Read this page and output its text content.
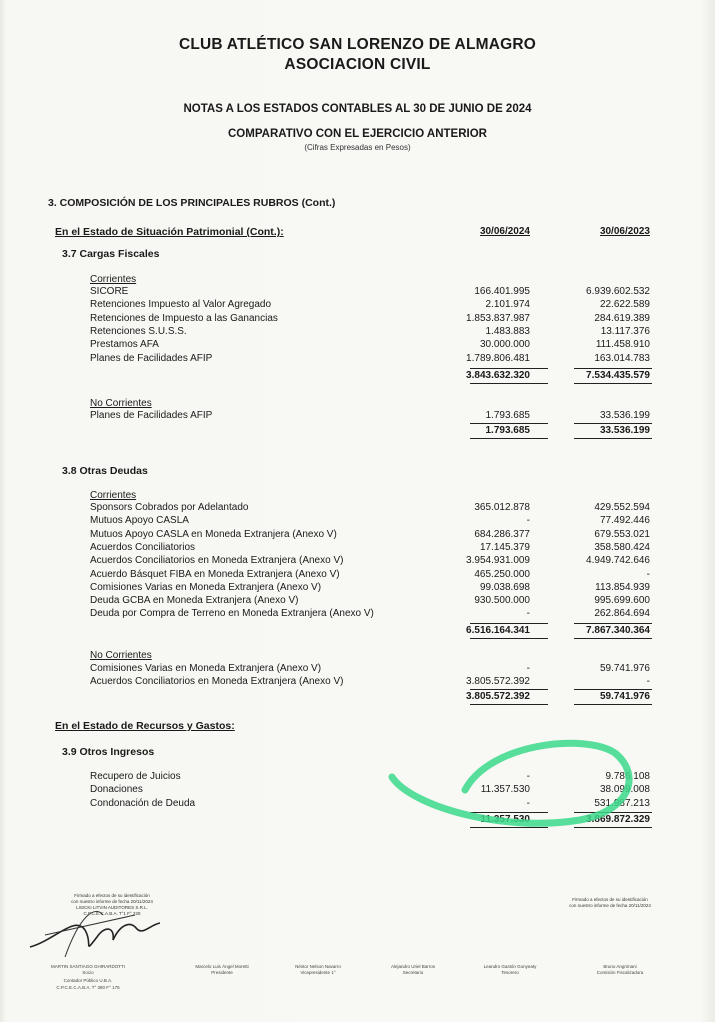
CLUB ATLÉTICO SAN LORENZO DE ALMAGRO
ASOCIACION CIVIL
NOTAS A LOS ESTADOS CONTABLES AL 30 DE JUNIO DE 2024
COMPARATIVO CON EL EJERCICIO ANTERIOR
(Cifras Expresadas en Pesos)
3. COMPOSICIÓN DE LOS PRINCIPALES RUBROS (Cont.)
En el Estado de Situación Patrimonial (Cont.):	30/06/2024	30/06/2023
3.7 Cargas Fiscales
Corrientes
SICORE	166.401.995	6.939.602.532
Retenciones Impuesto al Valor Agregado	2.101.974	22.622.589
Retenciones de Impuesto a las Ganancias	1.853.837.987	284.619.389
Retenciones S.U.S.S.	1.483.883	13.117.376
Prestamos AFA	30.000.000	111.458.910
Planes de Facilidades AFIP	1.789.806.481	163.014.783
3.843.632.320	7.534.435.579
No Corrientes
Planes de Facilidades AFIP	1.793.685	33.536.199
1.793.685	33.536.199
3.8 Otras Deudas
Corrientes
Sponsors Cobrados por Adelantado	365.012.878	429.552.594
Mutuos Apoyo CASLA	-	77.492.446
Mutuos Apoyo CASLA en Moneda Extranjera (Anexo V)	684.286.377	679.553.021
Acuerdos Conciliatorios	17.145.379	358.580.424
Acuerdos Conciliatorios en Moneda Extranjera (Anexo V)	3.954.931.009	4.949.742.646
Acuerdo Básquet FIBA en Moneda Extranjera (Anexo V)	465.250.000	-
Comisiones Varias en Moneda Extranjera (Anexo V)	99.038.698	113.854.939
Deuda GCBA en Moneda Extranjera (Anexo V)	930.500.000	995.699.600
Deuda por Compra de Terreno en Moneda Extranjera (Anexo V)	-	262.864.694
6.516.164.341	7.867.340.364
No Corrientes
Comisiones Varias en Moneda Extranjera (Anexo V)	-	59.741.976
Acuerdos Conciliatorios en Moneda Extranjera (Anexo V)	3.805.572.392	-
3.805.572.392	59.741.976
En el Estado de Recursos y Gastos:
3.9 Otros Ingresos
Recupero de Juicios	-	9.786.108
Donaciones	11.357.530	38.099.008
Condonación de Deuda	-	531.987.213
11.357.530	3.869.872.329
Firmado a efectos de su identificación
con nuestro informe de fecha 20/11/2024
LISICKI LITVIN AUDITORES S.R.L.
C.P.C.E.C.A.B.A. T°1 F° 228
Firmado a efectos de su identificación
con nuestro informe de fecha 20/11/2024
MARTIN SANTIAGO GHIRARDOTTI
Socio
Contador Público U.B.A.
C.P.C.E.C.A.B.A. T° 380 F° 175
Marcelo Luis Ángel Moretti
Presidente
Néstor Nelson Navarro
Vicepresidente 1°
Alejandro Uriel Barros
Secretario
Leandro Gastón Gonyeaty
Tesorero
Bruno Angrimani
Comisión Fiscalizadora
